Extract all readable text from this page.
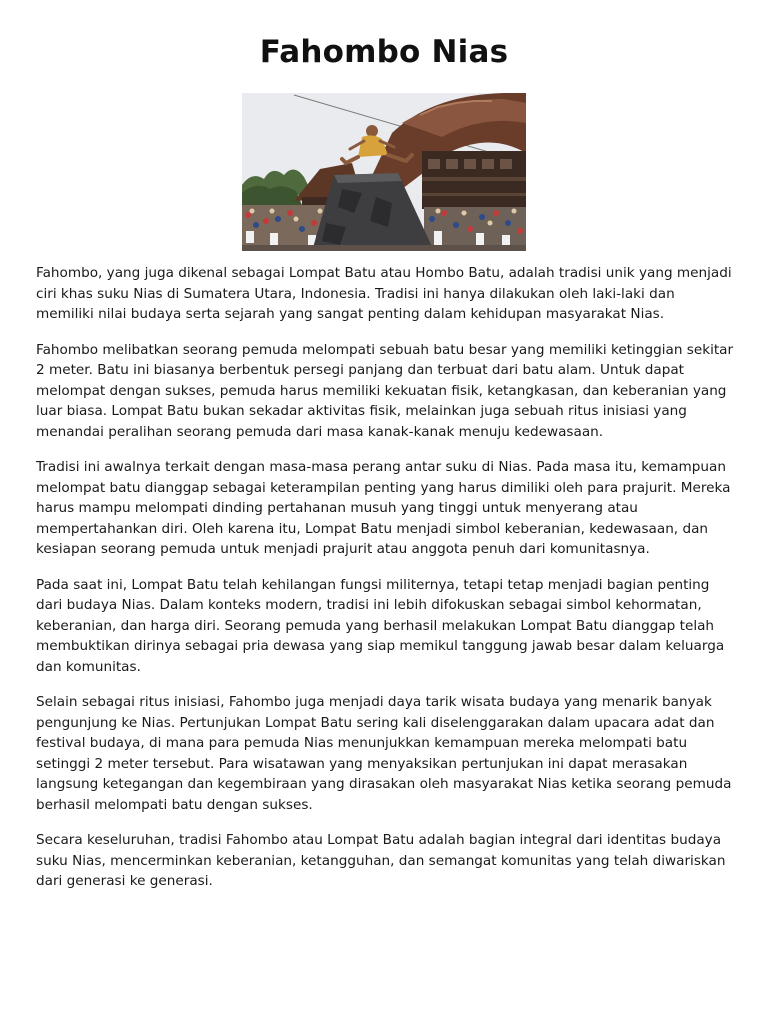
Fahombo Nias

Fahombo, yang juga dikenal sebagai Lompat Batu atau Hombo Batu, adalah tradisi unik yang menjadi ciri khas suku Nias di Sumatera Utara, Indonesia. Tradisi ini hanya dilakukan oleh laki-laki dan memiliki nilai budaya serta sejarah yang sangat penting dalam kehidupan masyarakat Nias.

Fahombo melibatkan seorang pemuda melompati sebuah batu besar yang memiliki ketinggian sekitar 2 meter. Batu ini biasanya berbentuk persegi panjang dan terbuat dari batu alam. Untuk dapat melompat dengan sukses, pemuda harus memiliki kekuatan fisik, ketangkasan, dan keberanian yang luar biasa. Lompat Batu bukan sekadar aktivitas fisik, melainkan juga sebuah ritus inisiasi yang menandai peralihan seorang pemuda dari masa kanak-kanak menuju kedewasaan.

Tradisi ini awalnya terkait dengan masa-masa perang antar suku di Nias. Pada masa itu, kemampuan melompat batu dianggap sebagai keterampilan penting yang harus dimiliki oleh para prajurit. Mereka harus mampu melompati dinding pertahanan musuh yang tinggi untuk menyerang atau mempertahankan diri. Oleh karena itu, Lompat Batu menjadi simbol keberanian, kedewasaan, dan kesiapan seorang pemuda untuk menjadi prajurit atau anggota penuh dari komunitasnya.

Pada saat ini, Lompat Batu telah kehilangan fungsi militernya, tetapi tetap menjadi bagian penting dari budaya Nias. Dalam konteks modern, tradisi ini lebih difokuskan sebagai simbol kehormatan, keberanian, dan harga diri. Seorang pemuda yang berhasil melakukan Lompat Batu dianggap telah membuktikan dirinya sebagai pria dewasa yang siap memikul tanggung jawab besar dalam keluarga dan komunitas.

Selain sebagai ritus inisiasi, Fahombo juga menjadi daya tarik wisata budaya yang menarik banyak pengunjung ke Nias. Pertunjukan Lompat Batu sering kali diselenggarakan dalam upacara adat dan festival budaya, di mana para pemuda Nias menunjukkan kemampuan mereka melompati batu setinggi 2 meter tersebut. Para wisatawan yang menyaksikan pertunjukan ini dapat merasakan langsung ketegangan dan kegembiraan yang dirasakan oleh masyarakat Nias ketika seorang pemuda berhasil melompati batu dengan sukses.

Secara keseluruhan, tradisi Fahombo atau Lompat Batu adalah bagian integral dari identitas budaya suku Nias, mencerminkan keberanian, ketangguhan, dan semangat komunitas yang telah diwariskan dari generasi ke generasi.
